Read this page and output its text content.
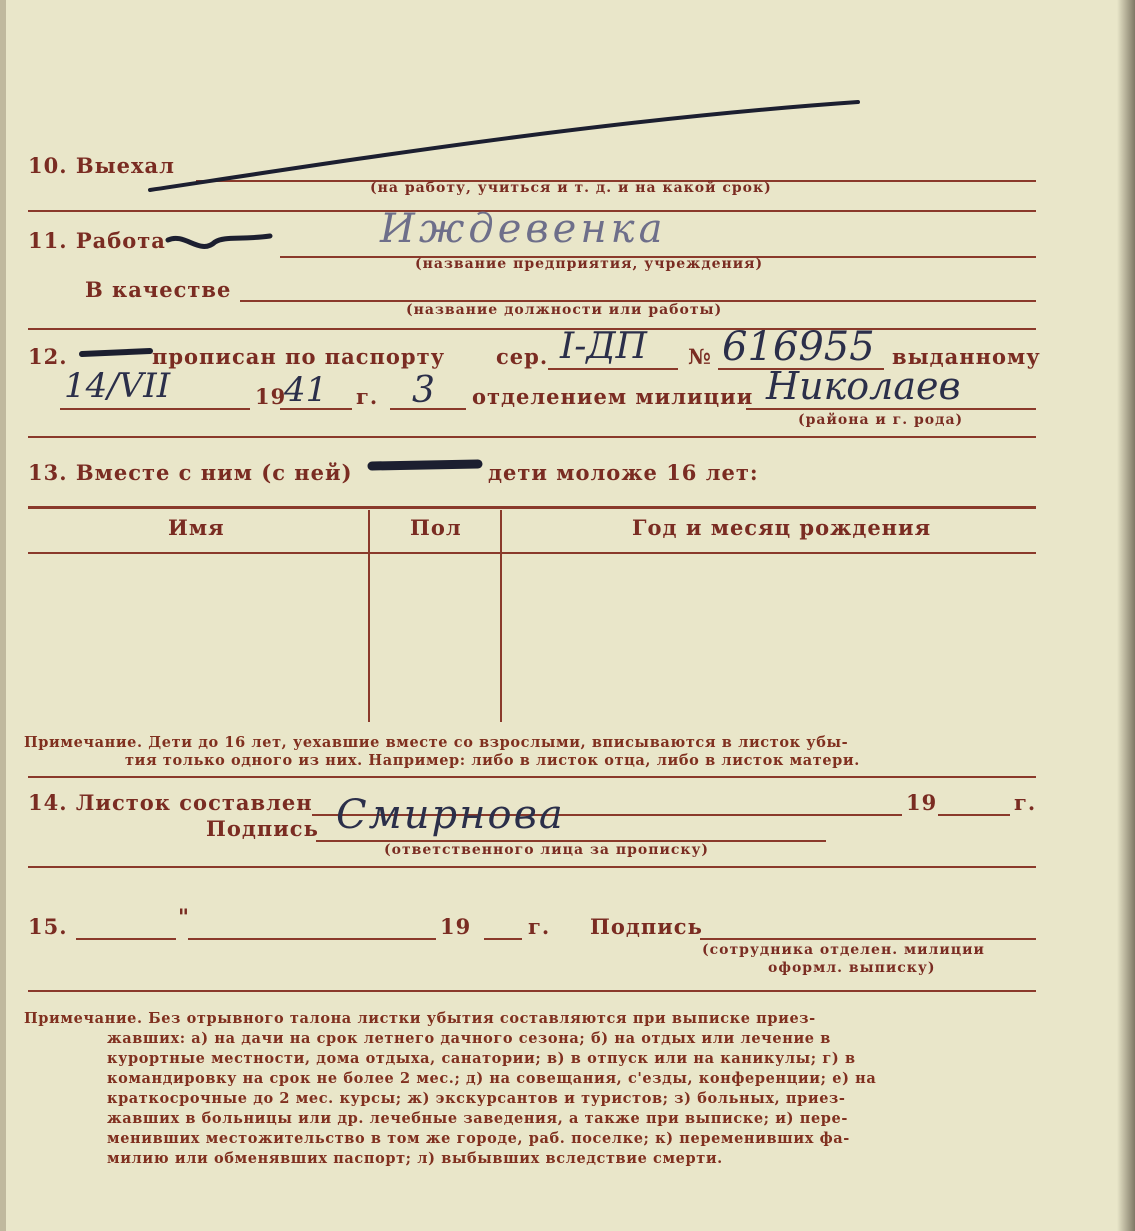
10. Выехал
(на работу, учиться и т. д. и на какой срок)
11. Работа	Иждевенка
(название предприятия, учреждения)
В качестве
(название должности или работы)
12.	прописан по паспорту сер. I-ДП № 616955 выданному
14/VII	19
41 г. 3 отделением милиции Николаев
(района и г. рода)
13. Вместе с ним (с ней)	дети моложе 16 лет:
Имя	Пол	Год и месяц рождения
Примечание. Дети до 16 лет, уехавшие вместе со взрослыми, вписываются в листок убы-
тия только одного из них. Например: либо в листок отца, либо в листок матери.
14. Листок составлен	19	г.
Подпись Смирнова
(ответственного лица за прописку)
15.	"	19	г. Подпись
(сотрудника отделен. милиции
оформл. выписку)
Примечание. Без отрывного талона листки убытия составляются при выписке приез-
жавших: а) на дачи на срок летнего дачного сезона; б) на отдых или лечение в
курортные местности, дома отдыха, санатории; в) в отпуск или на каникулы; г) в
командировку на срок не более 2 мес.; д) на совещания, с'езды, конференции; е) на
краткосрочные до 2 мес. курсы; ж) экскурсантов и туристов; з) больных, приез-
жавших в больницы или др. лечебные заведения, а также при выписке; и) пере-
менивших местожительство в том же городе, раб. поселке; к) переменивших фа-
милию или обменявших паспорт; л) выбывших вследствие смерти.
